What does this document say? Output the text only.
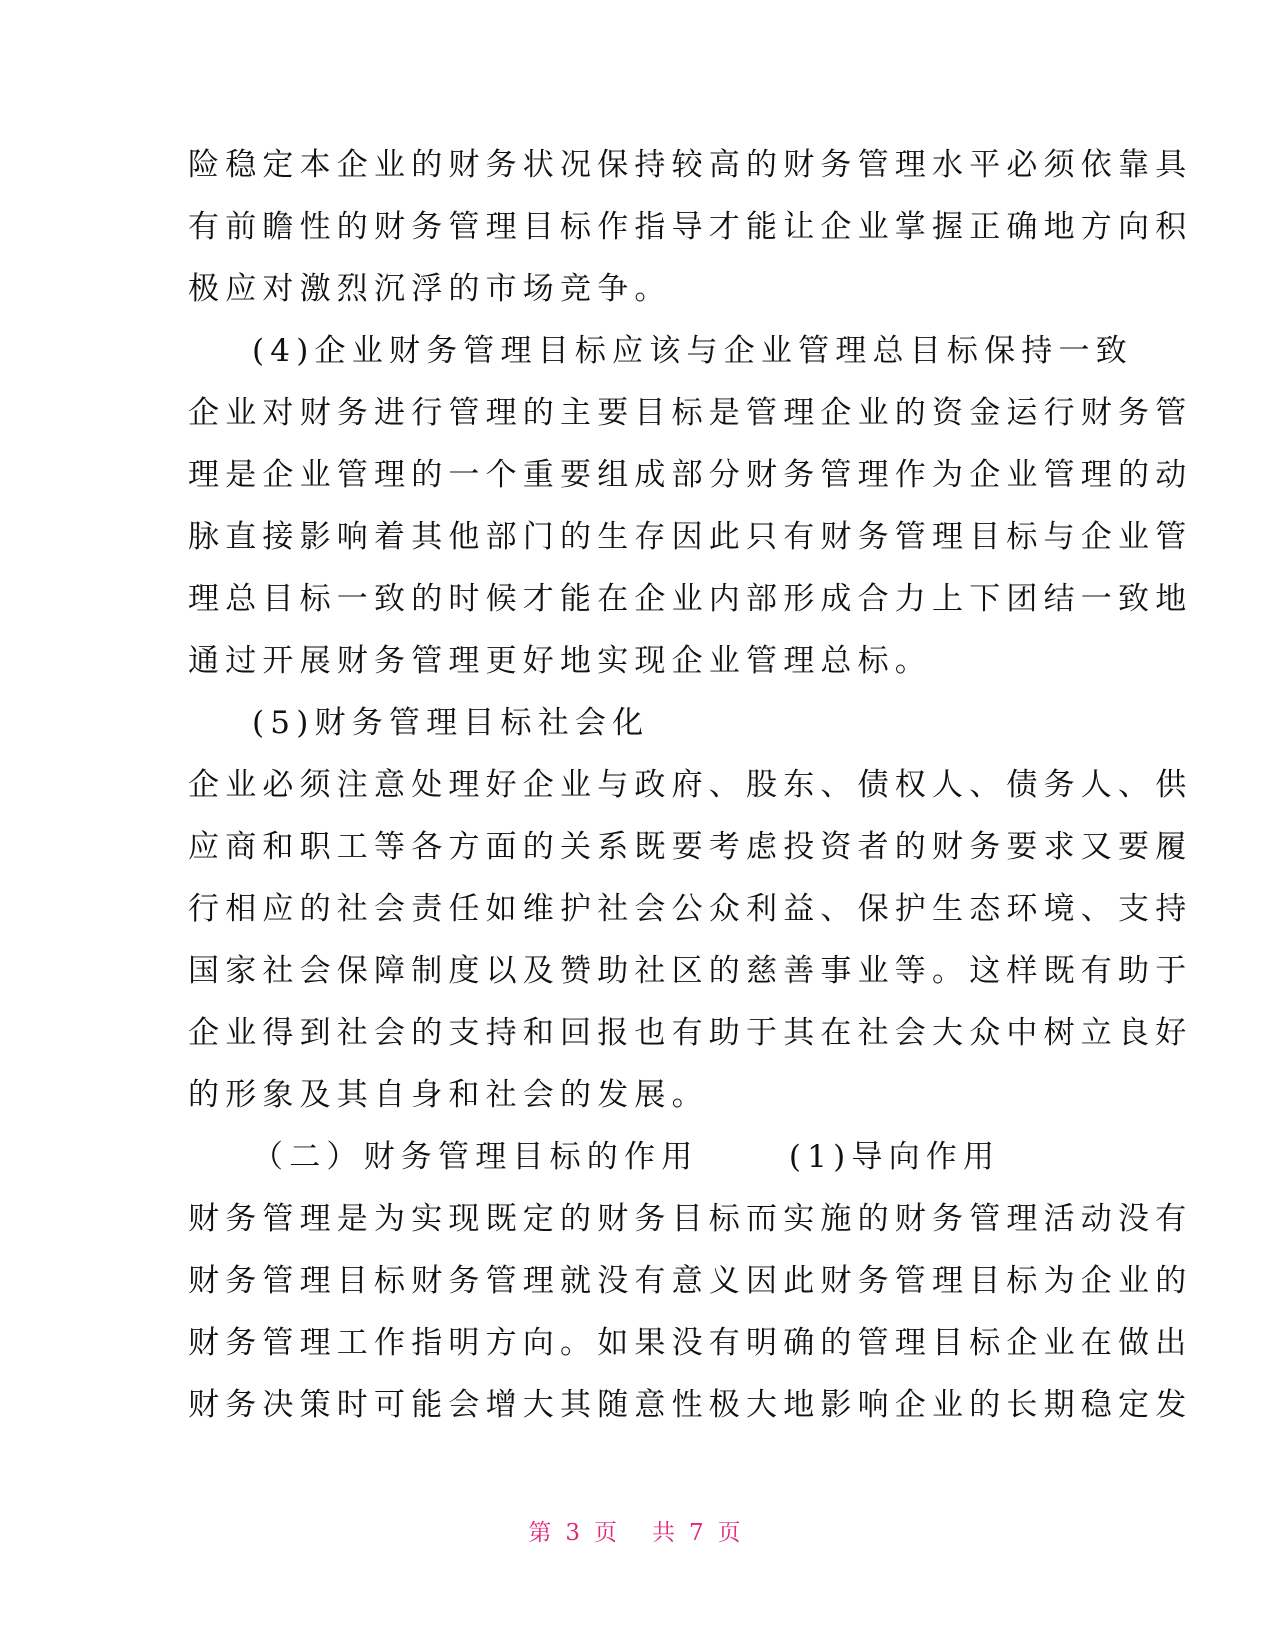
险稳定本企业的财务状况保持较高的财务管理水平必须依靠具
有前瞻性的财务管理目标作指导才能让企业掌握正确地方向积
极应对激烈沉浮的市场竞争。
(4)企业财务管理目标应该与企业管理总目标保持一致
企业对财务进行管理的主要目标是管理企业的资金运行财务管
理是企业管理的一个重要组成部分财务管理作为企业管理的动
脉直接影响着其他部门的生存因此只有财务管理目标与企业管
理总目标一致的时候才能在企业内部形成合力上下团结一致地
通过开展财务管理更好地实现企业管理总标。
(5)财务管理目标社会化
企业必须注意处理好企业与政府、股东、债权人、债务人、供
应商和职工等各方面的关系既要考虑投资者的财务要求又要履
行相应的社会责任如维护社会公众利益、保护生态环境、支持
国家社会保障制度以及赞助社区的慈善事业等。这样既有助于
企业得到社会的支持和回报也有助于其在社会大众中树立良好
的形象及其自身和社会的发展。
（二）财务管理目标的作用　　 (1)导向作用
财务管理是为实现既定的财务目标而实施的财务管理活动没有
财务管理目标财务管理就没有意义因此财务管理目标为企业的
财务管理工作指明方向。如果没有明确的管理目标企业在做出
财务决策时可能会增大其随意性极大地影响企业的长期稳定发
第 3 页　共 7 页
